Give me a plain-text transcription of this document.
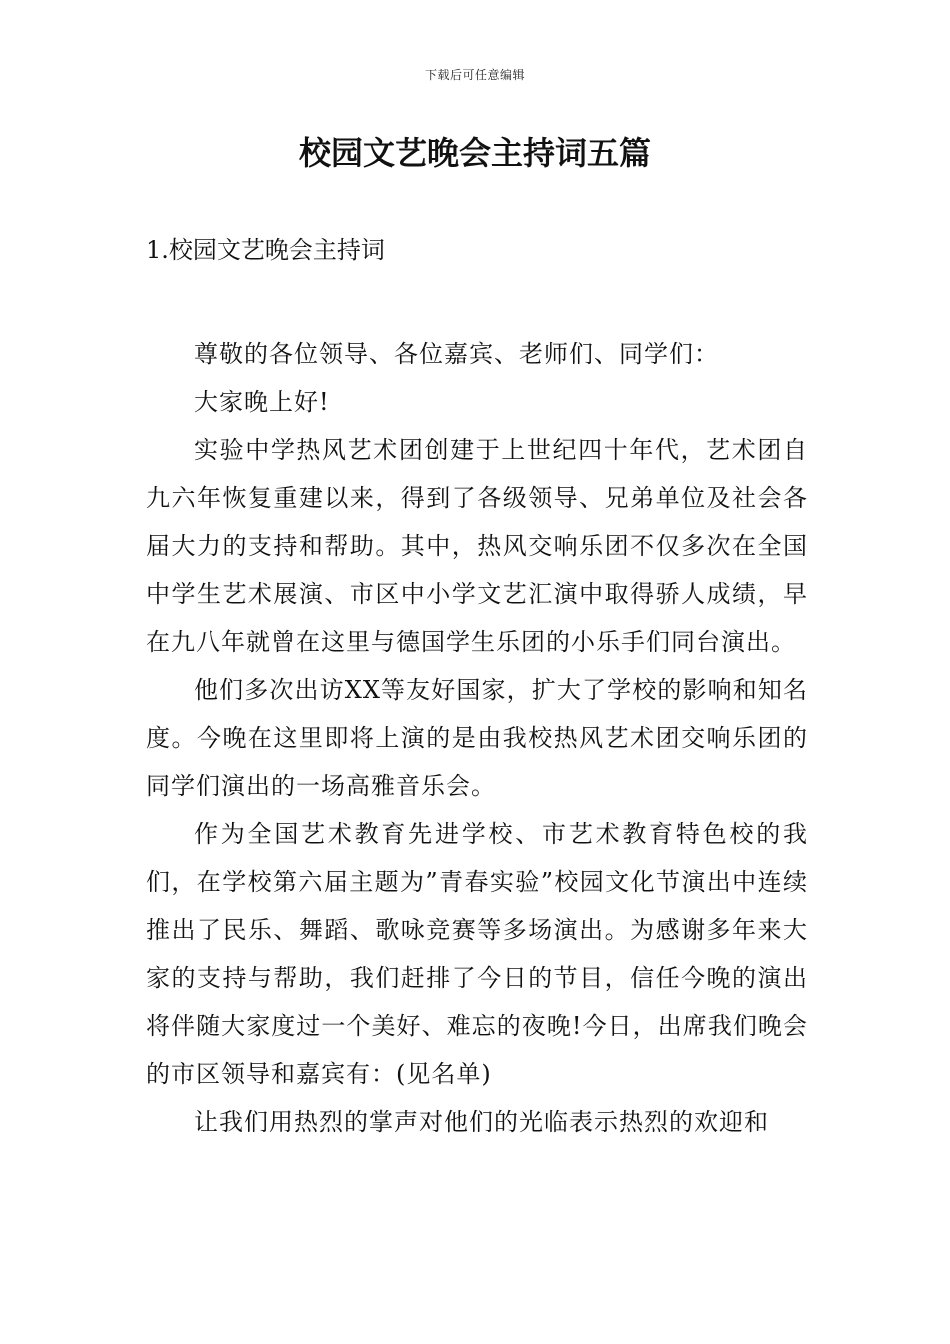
下载后可任意编辑
校园文艺晚会主持词五篇
1.校园文艺晚会主持词

尊敬的各位领导、各位嘉宾、老师们、同学们：

大家晚上好!

实验中学热风艺术团创建于上世纪四十年代，艺术团自九六年恢复重建以来，得到了各级领导、兄弟单位及社会各届大力的支持和帮助。其中，热风交响乐团不仅多次在全国中学生艺术展演、市区中小学文艺汇演中取得骄人成绩，早在九八年就曾在这里与德国学生乐团的小乐手们同台演出。

他们多次出访XX等友好国家，扩大了学校的影响和知名度。今晚在这里即将上演的是由我校热风艺术团交响乐团的同学们演出的一场高雅音乐会。

作为全国艺术教育先进学校、市艺术教育特色校的我们，在学校第六届主题为”青春实验”校园文化节演出中连续推出了民乐、舞蹈、歌咏竞赛等多场演出。为感谢多年来大家的支持与帮助，我们赶排了今日的节目，信任今晚的演出将伴随大家度过一个美好、难忘的夜晚!今日，出席我们晚会的市区领导和嘉宾有：(见名单)

让我们用热烈的掌声对他们的光临表示热烈的欢迎和
